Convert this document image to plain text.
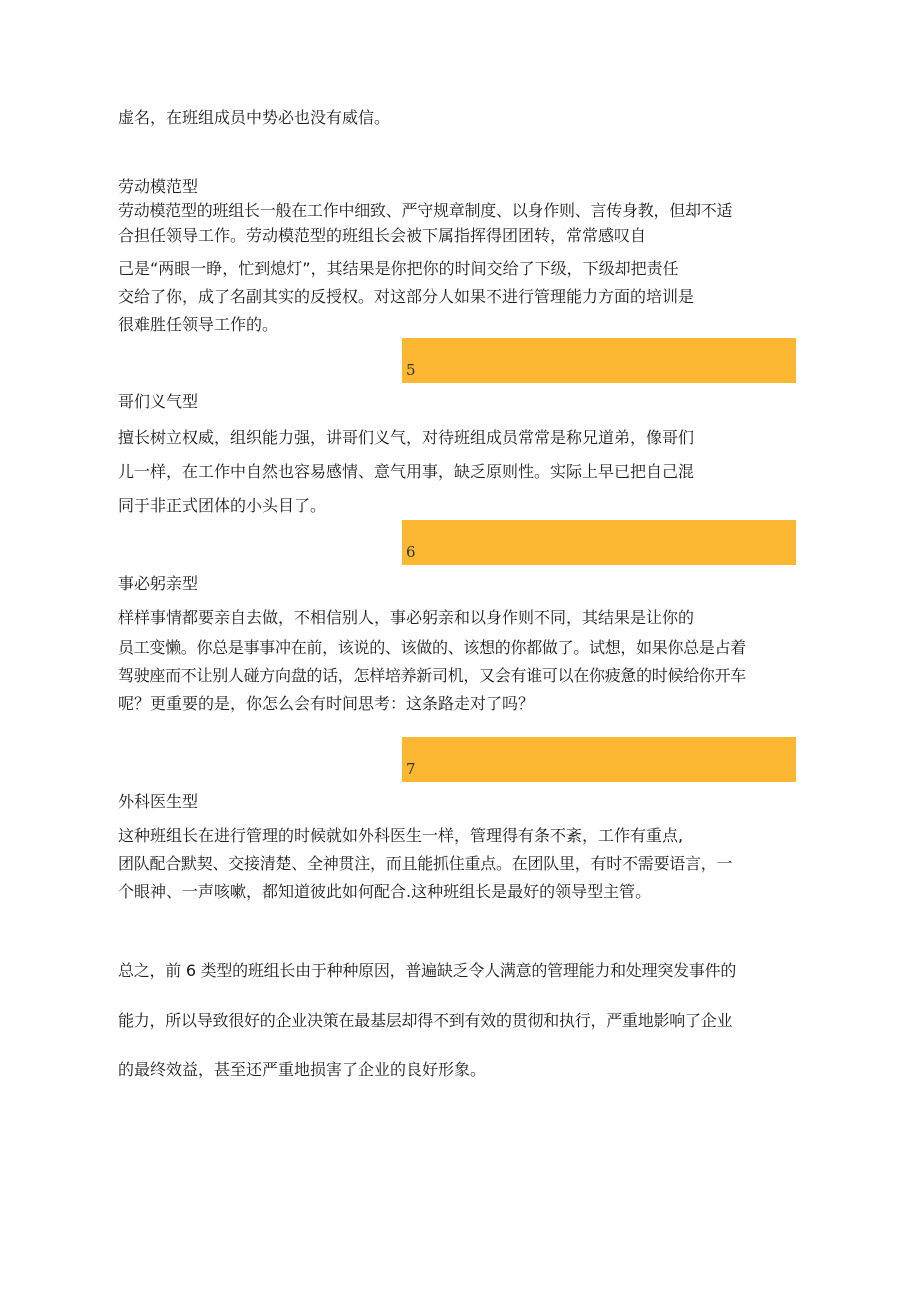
虚名，在班组成员中势必也没有威信。
劳动模范型
劳动模范型的班组长一般在工作中细致、严守规章制度、以身作则、言传身教，但却不适
合担任领导工作。劳动模范型的班组长会被下属指挥得团团转，常常感叹自
己是“两眼一睁，忙到熄灯”，其结果是你把你的时间交给了下级，下级却把责任
交给了你，成了名副其实的反授权。对这部分人如果不进行管理能力方面的培训是
很难胜任领导工作的。
5
哥们义气型
擅长树立权威，组织能力强，讲哥们义气，对待班组成员常常是称兄道弟，像哥们
儿一样，在工作中自然也容易感情、意气用事，缺乏原则性。实际上早已把自己混
同于非正式团体的小头目了。
6
事必躬亲型
样样事情都要亲自去做，不相信别人，事必躬亲和以身作则不同，其结果是让你的
员工变懒。你总是事事冲在前，该说的、该做的、该想的你都做了。试想，如果你总是占着
驾驶座而不让别人碰方向盘的话，怎样培养新司机，又会有谁可以在你疲惫的时候给你开车
呢？更重要的是，你怎么会有时间思考：这条路走对了吗？
7
外科医生型
这种班组长在进行管理的时候就如外科医生一样，管理得有条不紊，工作有重点,
团队配合默契、交接清楚、全神贯注，而且能抓住重点。在团队里，有时不需要语言，一
个眼神、一声咳嗽，都知道彼此如何配合.这种班组长是最好的领导型主管。
总之，前 6 类型的班组长由于种种原因，普遍缺乏令人满意的管理能力和处理突发事件的
能力，所以导致很好的企业决策在最基层却得不到有效的贯彻和执行，严重地影响了企业
的最终效益，甚至还严重地损害了企业的良好形象。
